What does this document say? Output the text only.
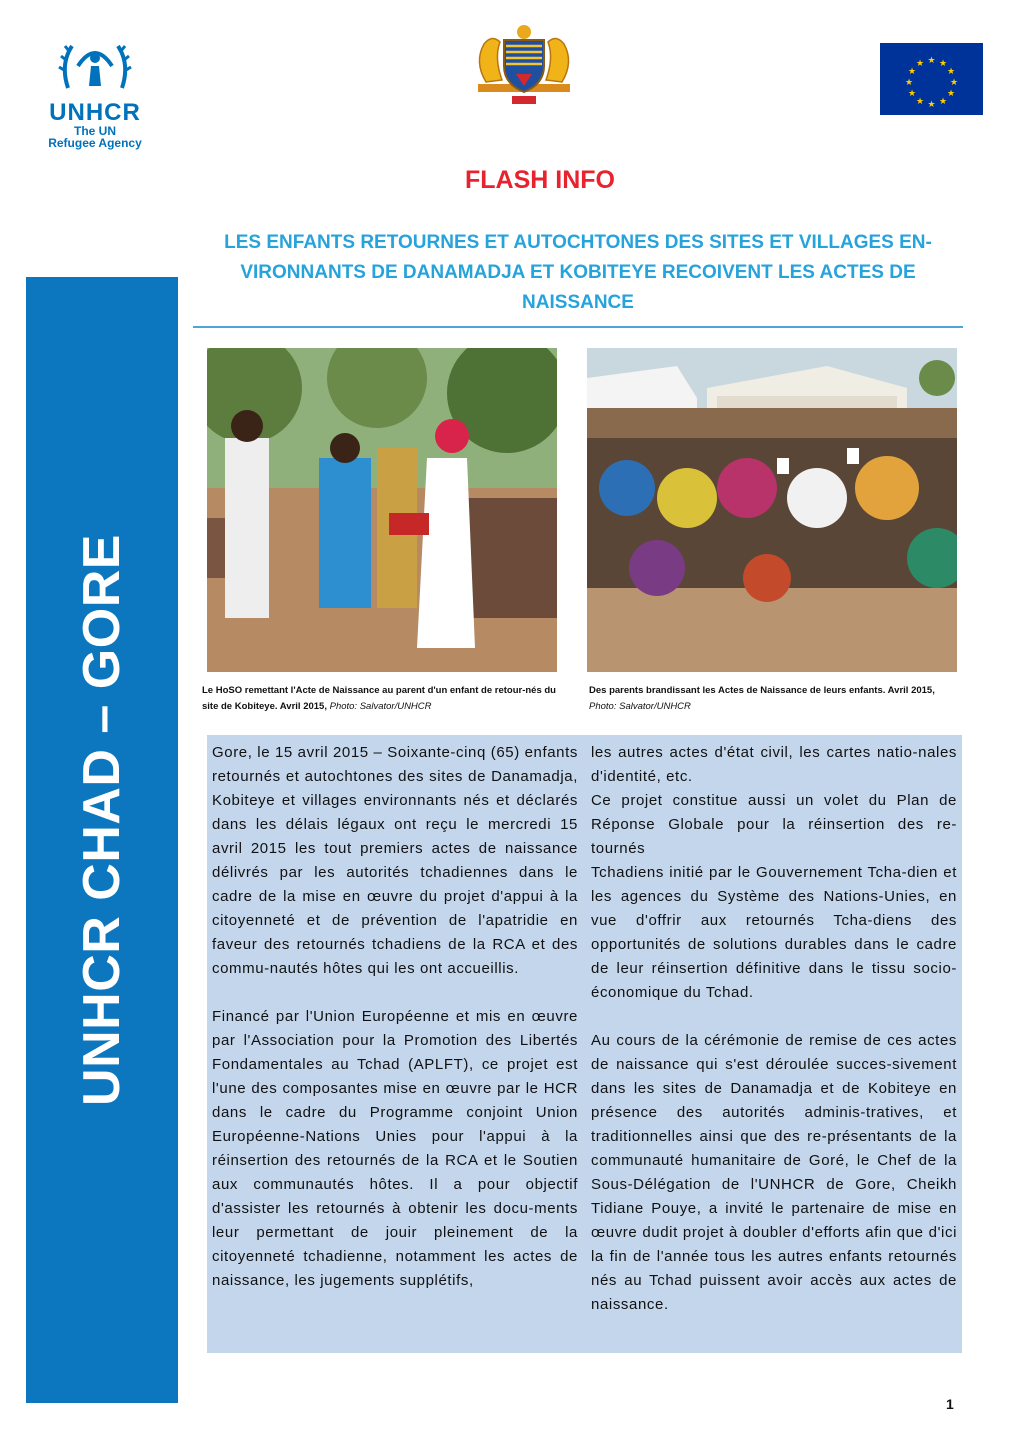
UNHCR
The UN
Refugee Agency
★ ★
★
★
★
★
★
★
★
★
★
★
FLASH INFO
LES ENFANTS RETOURNES ET AUTOCHTONES DES SITES ET VILLAGES EN-VIRONNANTS DE DANAMADJA ET KOBITEYE RECOIVENT LES ACTES DE NAISSANCE
UNHCR CHAD – GORE	Le HoSO remettant l'Acte de Naissance au parent d'un enfant de retour-nés du site de Kobiteye. Avril 2015, Photo: Salvator/UNHCR
Des parents brandissant les Actes de Naissance de leurs enfants. Avril 2015, Photo: Salvator/UNHCR

Gore, le 15 avril 2015 – Soixante-cinq (65) enfants retournés et autochtones des sites de Danamadja, Kobiteye et villages environnants nés et déclarés dans les délais légaux ont reçu le mercredi 15 avril 2015 les tout premiers actes de naissance délivrés par les autorités tchadiennes dans le cadre de la mise en œuvre du projet d'appui à la citoyenneté et de prévention de l'apatridie en faveur des retournés tchadiens de la RCA et des commu-nautés hôtes qui les ont accueillis.

Financé par l'Union Européenne et mis en œuvre par l'Association pour la Promotion des Libertés Fondamentales au Tchad (APLFT), ce projet est l'une des composantes mise en œuvre par le HCR dans le cadre du Programme conjoint Union Européenne-Nations Unies pour l'appui à la réinsertion des retournés de la RCA et le Soutien aux communautés hôtes. Il a pour objectif d'assister les retournés à obtenir les docu-ments leur permettant de jouir pleinement de la citoyenneté tchadienne, notamment les actes de naissance, les jugements supplétifs,

les autres actes d'état civil, les cartes natio-nales d'identité, etc.

Ce projet constitue aussi un volet du Plan de Réponse Globale pour la réinsertion des re-tournés

Tchadiens initié par le Gouvernement Tcha-dien et les agences du Système des Nations-Unies, en vue d'offrir aux retournés Tcha-diens des opportunités de solutions durables dans le cadre de leur réinsertion définitive dans le tissu socio-économique du Tchad.

Au cours de la cérémonie de remise de ces actes de naissance qui s'est déroulée succes-sivement dans les sites de Danamadja et de Kobiteye en présence des autorités adminis-tratives, et traditionnelles ainsi que des re-présentants de la communauté humanitaire de Goré, le Chef de la Sous-Délégation de l'UNHCR de Gore, Cheikh Tidiane Pouye, a invité le partenaire de mise en œuvre dudit projet à doubler d'efforts afin que d'ici la fin de l'année tous les autres enfants retournés nés au Tchad puissent avoir accès aux actes de naissance.

1
